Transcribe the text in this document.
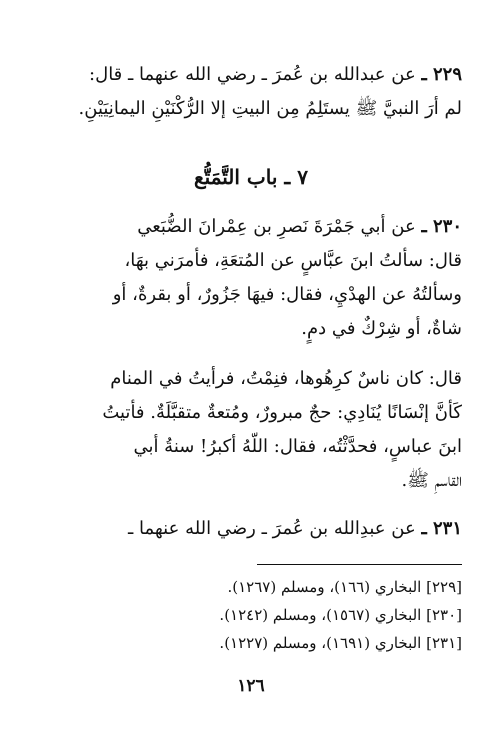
٢٢٩ ـ عن عبدالله بن عُمرَ ـ رضي الله عنهما ـ قال:
لم أرَ النبيَّ ﷺ يستَلِمُ مِن البيتِ إلا الرُّكْنَيْنِ اليمانِيَيْنِ.
٧ ـ باب التَّمَتُّع
٢٣٠ ـ عن أبي جَمْرَةَ نَصرِ بن عِمْرانَ الضُّبَعي
قال: سألتُ ابنَ عبَّاسٍ عن المُتعَةِ، فأمرَني بهَا،
وسألتُهُ عن الهدْيِ، فقال: فيهَا جَزُورٌ، أو بقرةٌ، أو
شاةٌ، أو شِرْكٌ في دمٍ.
قال: كان ناسٌ كرِهُوها، فنِمْتُ، فرأيتُ في المنام
كَأنَّ إنْسَانًا يُنَادِي: حجٌ مبرورٌ، ومُتعةٌ متقبَّلَةٌ. فأتيتُ
ابنَ عباسٍ، فحدَّثْتُه، فقال: اللّهُ أكبرُ! سنةُ أبي
القاسمِ ﷺ.
٢٣١ ـ عن عبدِالله بن عُمرَ ـ رضي الله عنهما ـ
[٢٢٩] البخاري (١٦٦)، ومسلم (١٢٦٧).
[٢٣٠] البخاري (١٥٦٧)، ومسلم (١٢٤٢).
[٢٣١] البخاري (١٦٩١)، ومسلم (١٢٢٧).
١٢٦
